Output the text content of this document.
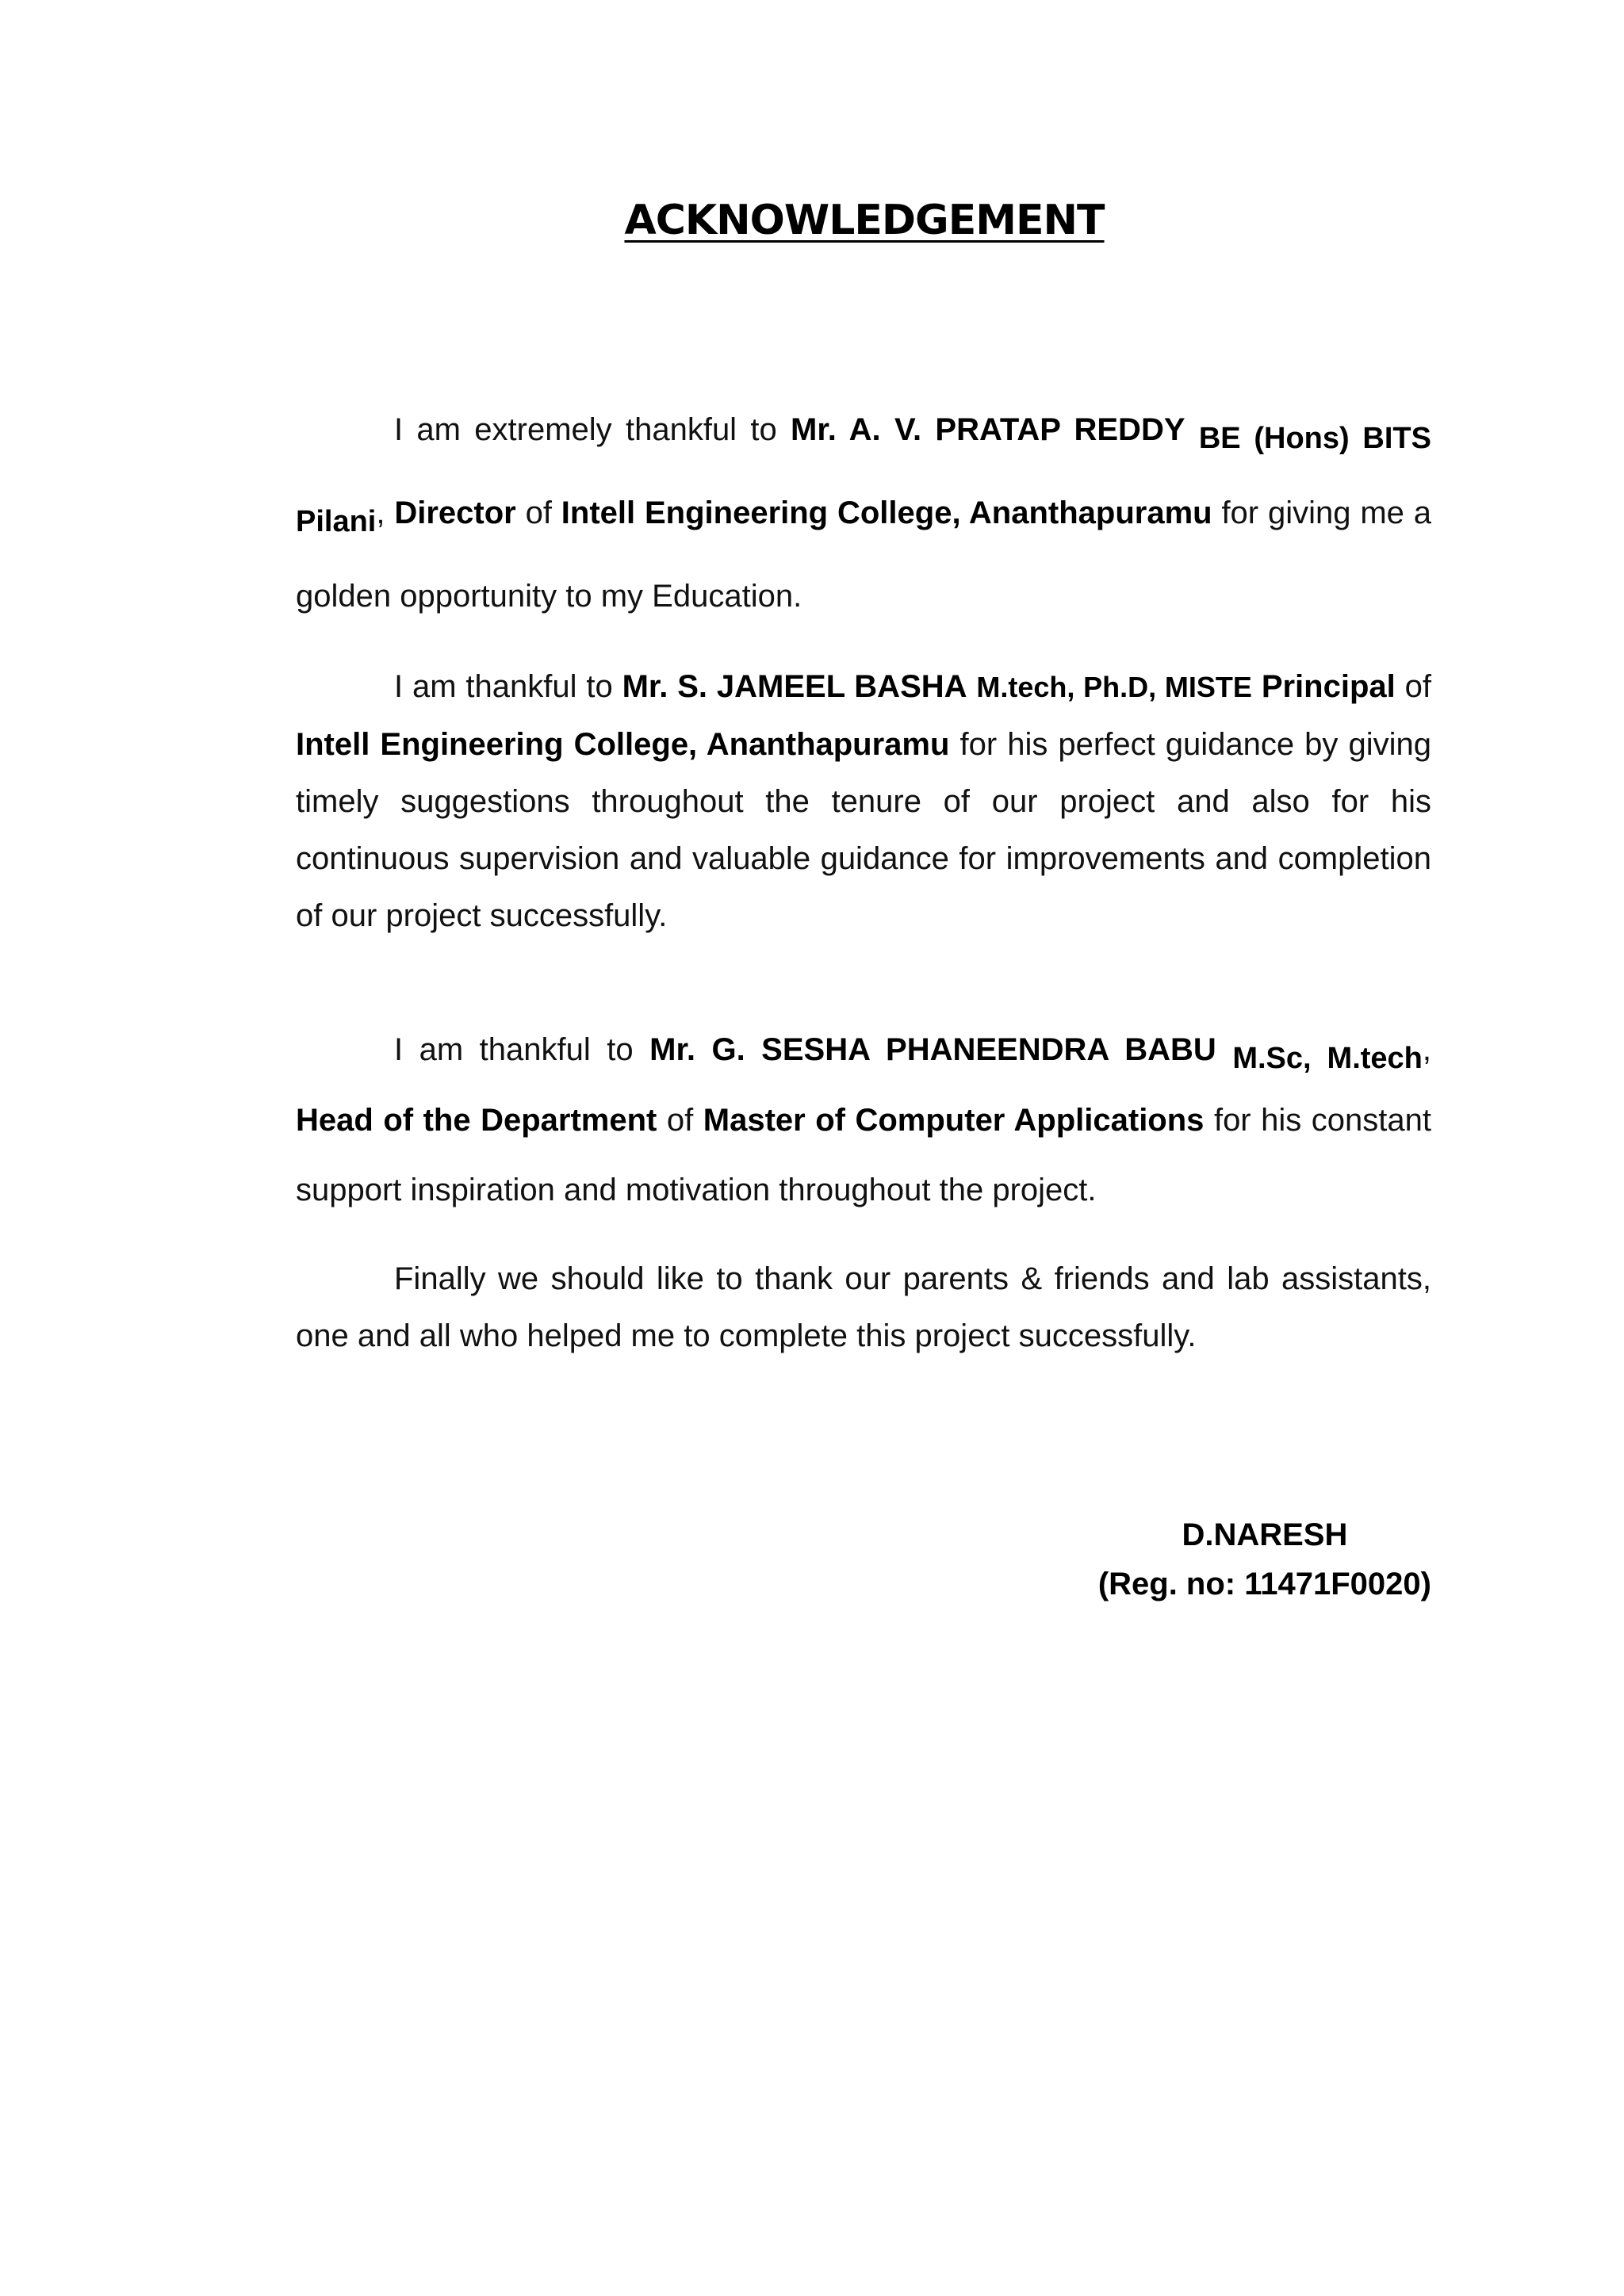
ACKNOWLEDGEMENT

I am extremely thankful to Mr. A. V. PRATAP REDDY BE (Hons) BITS Pilani, Director of Intell Engineering College, Ananthapuramu for giving me a golden opportunity to my Education.

I am thankful to Mr. S. JAMEEL BASHA M.tech, Ph.D, MISTE Principal of Intell Engineering College, Ananthapuramu for his perfect guidance by giving timely suggestions throughout the tenure of our project and also for his continuous supervision and valuable guidance for improvements and completion of our project successfully.

I am thankful to Mr. G. SESHA PHANEENDRA BABU M.Sc, M.tech, Head of the Department of Master of Computer Applications for his constant support inspiration and motivation throughout the project.

Finally we should like to thank our parents & friends and lab assistants, one and all who helped me to complete this project successfully.

D.NARESH
(Reg. no: 11471F0020)
